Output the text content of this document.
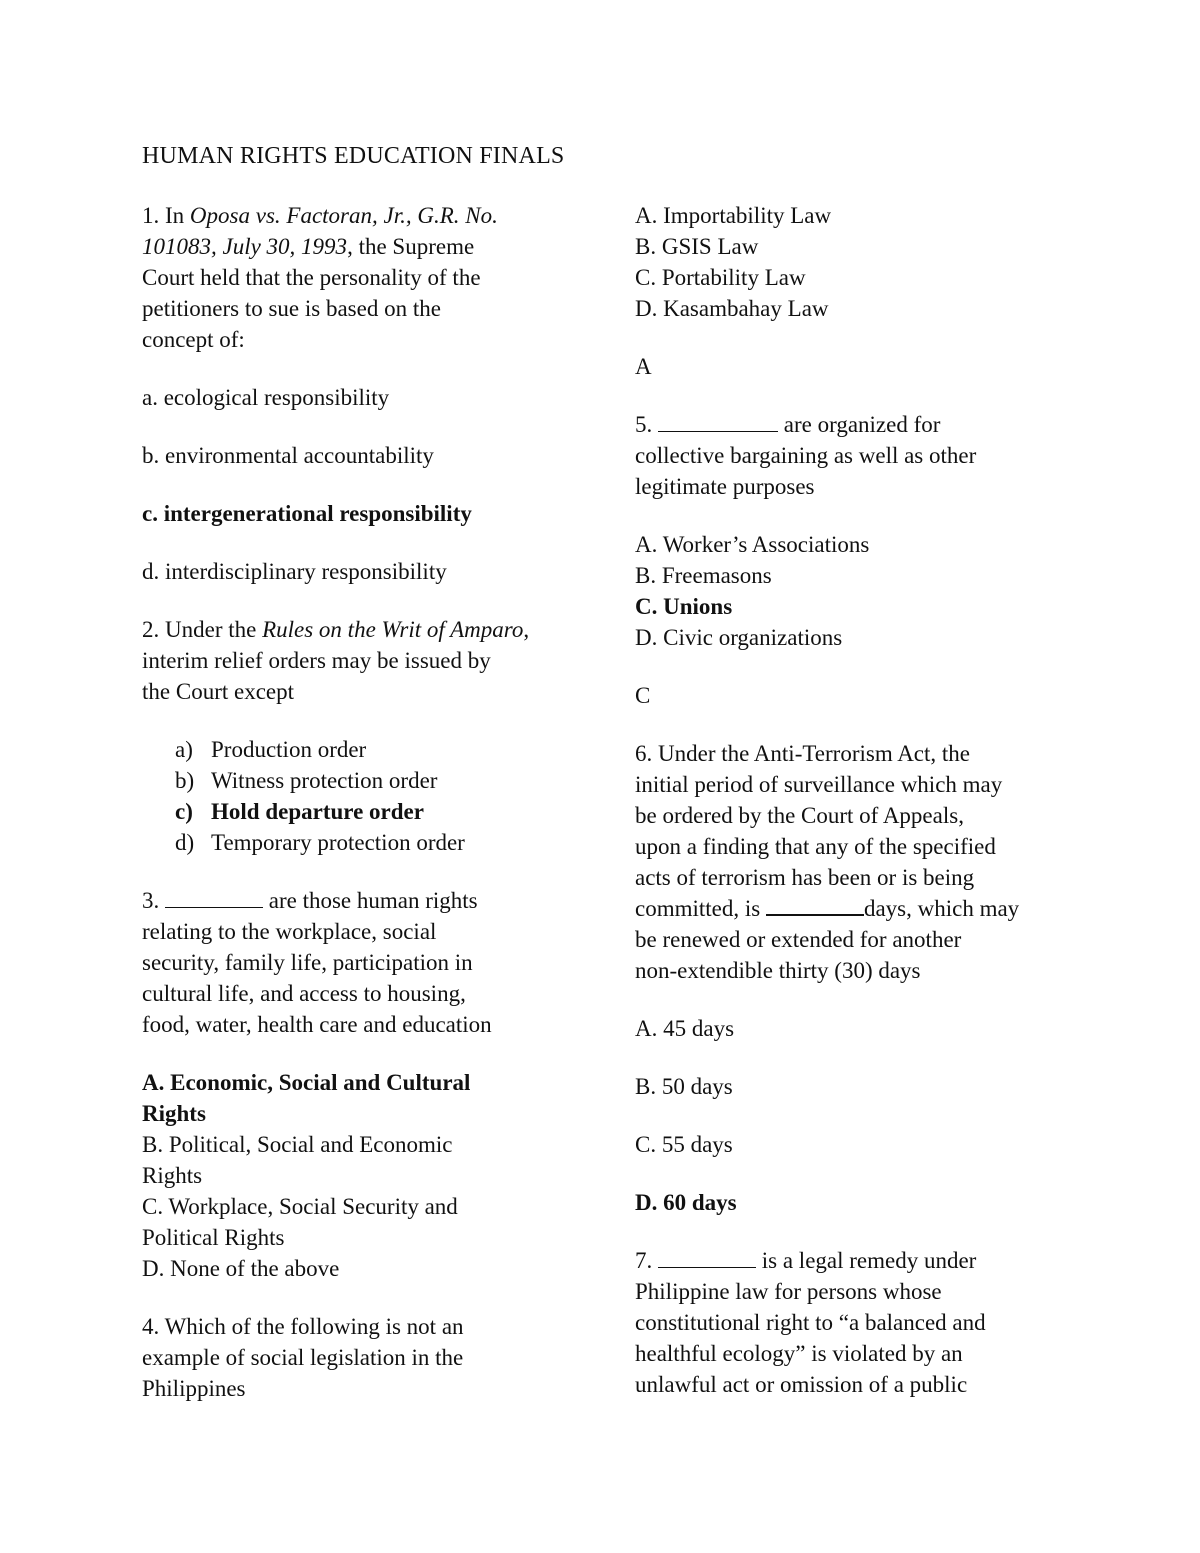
HUMAN RIGHTS EDUCATION FINALS
1. In Oposa vs. Factoran, Jr., G.R. No.
101083, July 30, 1993, the Supreme
Court held that the personality of the
petitioners to sue is based on the
concept of:
a. ecological responsibility
b. environmental accountability
c. intergenerational responsibility
d. interdisciplinary responsibility
2. Under the Rules on the Writ of Amparo,
interim relief orders may be issued by
the Court except
a) Production order
b) Witness protection order
c) Hold departure order
d) Temporary protection order
3.	are those human rights
relating to the workplace, social
security, family life, participation in
cultural life, and access to housing,
food, water, health care and education
A. Economic, Social and Cultural
Rights
B. Political, Social and Economic
Rights
C. Workplace, Social Security and
Political Rights
D. None of the above
4. Which of the following is not an
example of social legislation in the
Philippines
A. Importability Law
B. GSIS Law
C. Portability Law
D. Kasambahay Law
A
5.	are organized for
collective bargaining as well as other
legitimate purposes
A. Worker’s Associations
B. Freemasons
C. Unions
D. Civic organizations
C
6. Under the Anti-Terrorism Act, the
initial period of surveillance which may
be ordered by the Court of Appeals,
upon a finding that any of the specified
acts of terrorism has been or is being
committed, is	days, which may
be renewed or extended for another
non-extendible thirty (30) days
A. 45 days
B. 50 days
C. 55 days
D. 60 days
7.	is a legal remedy under
Philippine law for persons whose
constitutional right to “a balanced and
healthful ecology” is violated by an
unlawful act or omission of a public
